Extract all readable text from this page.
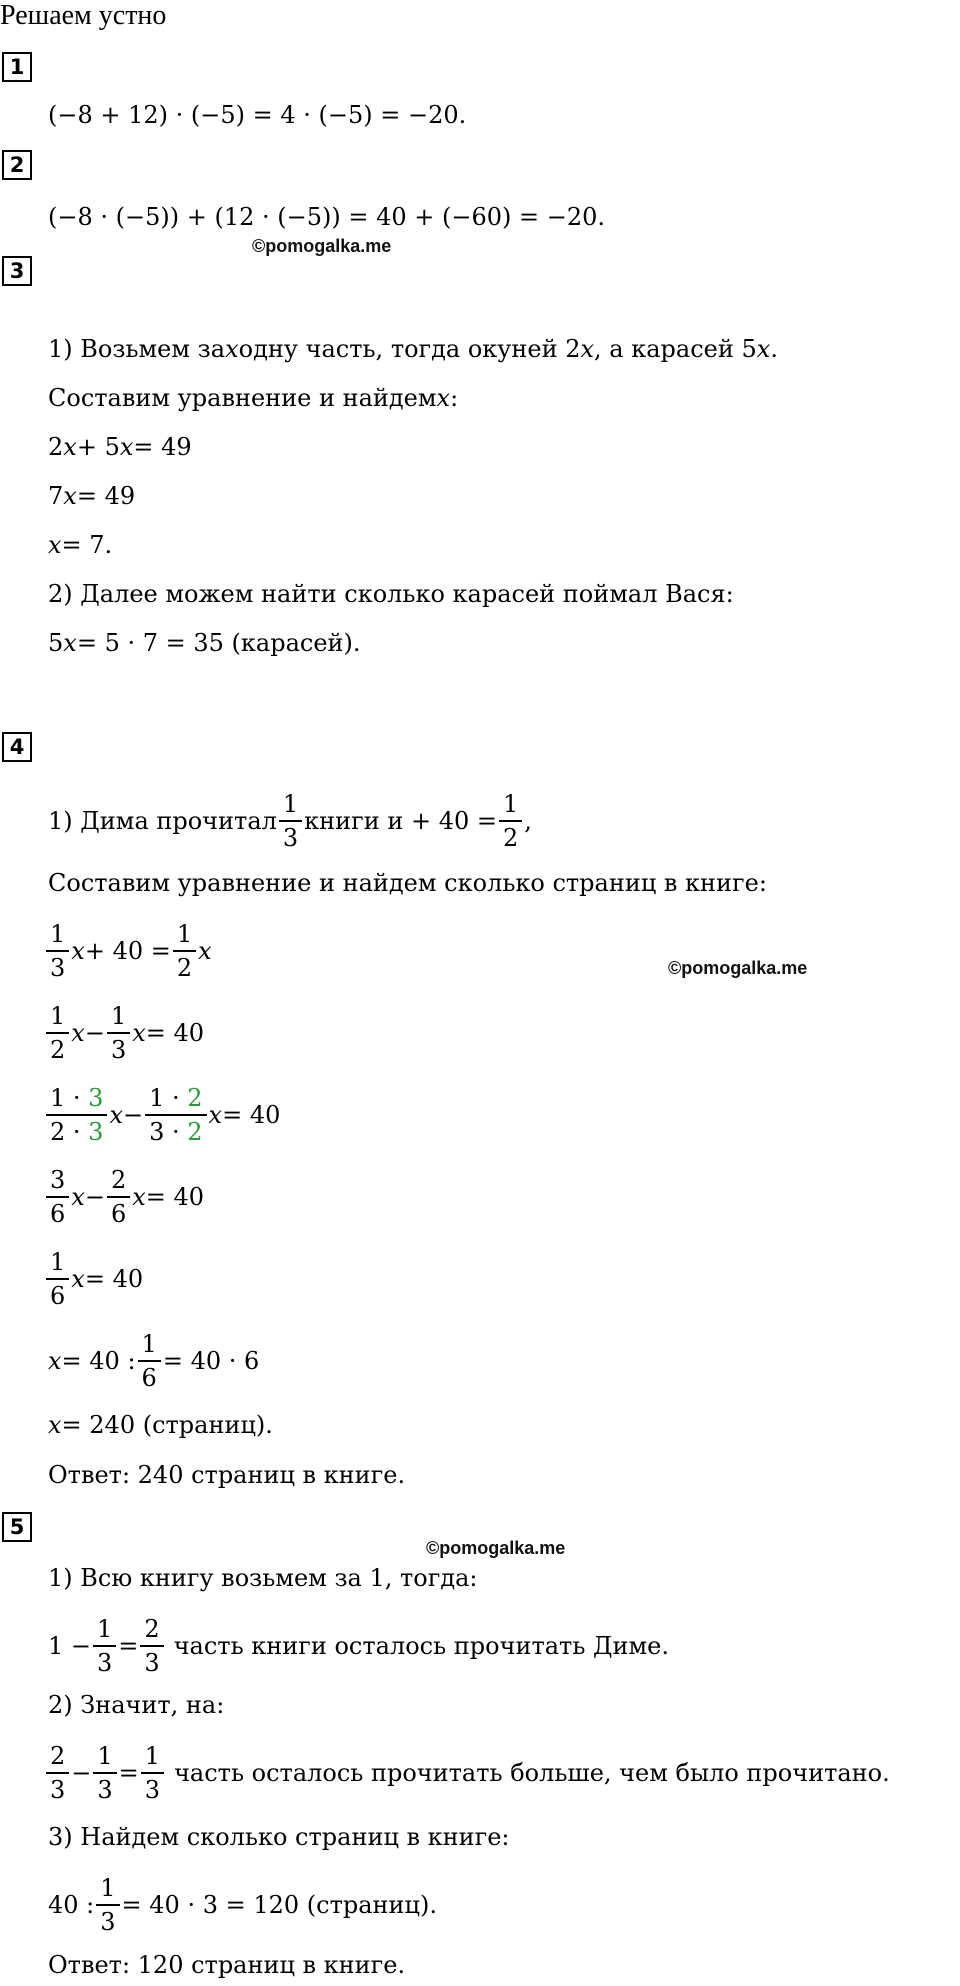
Решаем устно
1
(−8 + 12) · (−5) = 4 · (−5) = −20.
2
(−8 · (−5)) + (12 · (−5)) = 40 + (−60) = −20.
©pomogalka.me
3
1) Возьмем за x одну часть, тогда окуней 2 x , а карасей 5 x .
Составим уравнение и найдем x :
2 x + 5 x = 49
7 x = 49
x = 7.
2) Далее можем найти сколько карасей поймал Вася:
5 x = 5 · 7 = 35 (карасей).
4
1) Дима прочитал $\frac{1}{3}$ книги $и + 40 = \frac{1}{2}$ ,
Составим уравнение и найдем сколько страниц в книге:
$\frac{1}{3}$ $x + 40 = \frac{1}{2}$ x
©pomogalka.me
$\frac{1}{2}$ $x - \frac{1}{3}$ x = 40
$\frac{1 \cdot 3}{2 \cdot 3}$ $x - \frac{1 \cdot 2}{3 \cdot 2}$ x = 40
$\frac{3}{6}$ $x - \frac{2}{6}$ x = 40
$\frac{1}{6}$ x = 40
x = 40 : $\frac{1}{6} = 40 \cdot 6$
x = 240 (страниц).
Ответ: 240 страниц в книге.
5
©pomogalka.me
1) Всю книгу возьмем за 1, тогда:
$1 - \frac{1}{3} = \frac{2}{3}$ часть книги осталось прочитать Диме.
2) Значит, на:
$\frac{2}{3} - \frac{1}{3} = \frac{1}{3}$ часть осталось прочитать больше, чем было прочитано.
3) Найдем сколько страниц в книге:
40 : $\frac{1}{3} = 40 \cdot 3 = 120$ (страниц).
Ответ: 120 страниц в книге.
